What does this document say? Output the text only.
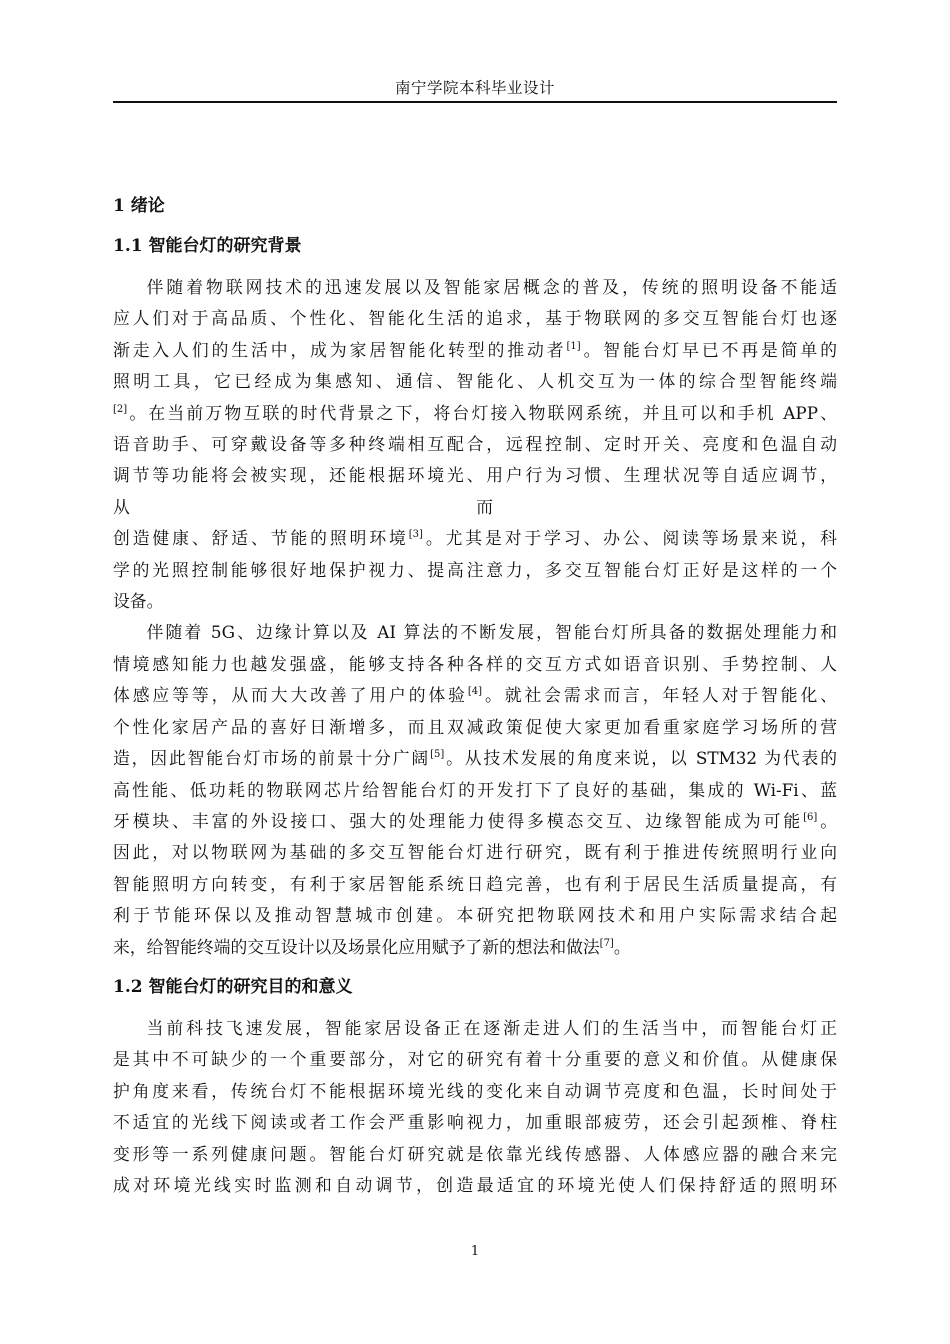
南宁学院本科毕业设计
1 绪论
1.1 智能台灯的研究背景

伴随着物联网技术的迅速发展以及智能家居概念的普及，传统的照明设备不能适
应人们对于高品质、个性化、智能化生活的追求，基于物联网的多交互智能台灯也逐
渐走入人们的生活中，成为家居智能化转型的推动者[1]。智能台灯早已不再是简单的
照明工具，它已经成为集感知、通信、智能化、人机交互为一体的综合型智能终端
[2]。在当前万物互联的时代背景之下，将台灯接入物联网系统，并且可以和手机 APP、
语音助手、可穿戴设备等多种终端相互配合，远程控制、定时开关、亮度和色温自动
调节等功能将会被实现，还能根据环境光、用户行为习惯、生理状况等自适应调节，
从	而
创造健康、舒适、节能的照明环境[3]。尤其是对于学习、办公、阅读等场景来说，科
学的光照控制能够很好地保护视力、提高注意力，多交互智能台灯正好是这样的一个
设备。

伴随着 5G、边缘计算以及 AI 算法的不断发展，智能台灯所具备的数据处理能力和
情境感知能力也越发强盛，能够支持各种各样的交互方式如语音识别、手势控制、人
体感应等等，从而大大改善了用户的体验[4]。就社会需求而言，年轻人对于智能化、
个性化家居产品的喜好日渐增多，而且双减政策促使大家更加看重家庭学习场所的营
造，因此智能台灯市场的前景十分广阔[5]。从技术发展的角度来说，以 STM32 为代表的
高性能、低功耗的物联网芯片给智能台灯的开发打下了良好的基础，集成的 Wi-Fi、蓝
牙模块、丰富的外设接口、强大的处理能力使得多模态交互、边缘智能成为可能[6]。
因此，对以物联网为基础的多交互智能台灯进行研究，既有利于推进传统照明行业向
智能照明方向转变，有利于家居智能系统日趋完善，也有利于居民生活质量提高，有
利于节能环保以及推动智慧城市创建。本研究把物联网技术和用户实际需求结合起
来，给智能终端的交互设计以及场景化应用赋予了新的想法和做法[7]。

1.2 智能台灯的研究目的和意义

当前科技飞速发展，智能家居设备正在逐渐走进人们的生活当中，而智能台灯正
是其中不可缺少的一个重要部分，对它的研究有着十分重要的意义和价值。从健康保
护角度来看，传统台灯不能根据环境光线的变化来自动调节亮度和色温，长时间处于
不适宜的光线下阅读或者工作会严重影响视力，加重眼部疲劳，还会引起颈椎、脊柱
变形等一系列健康问题。智能台灯研究就是依靠光线传感器、人体感应器的融合来完
成对环境光线实时监测和自动调节，创造最适宜的环境光使人们保持舒适的照明环

1
